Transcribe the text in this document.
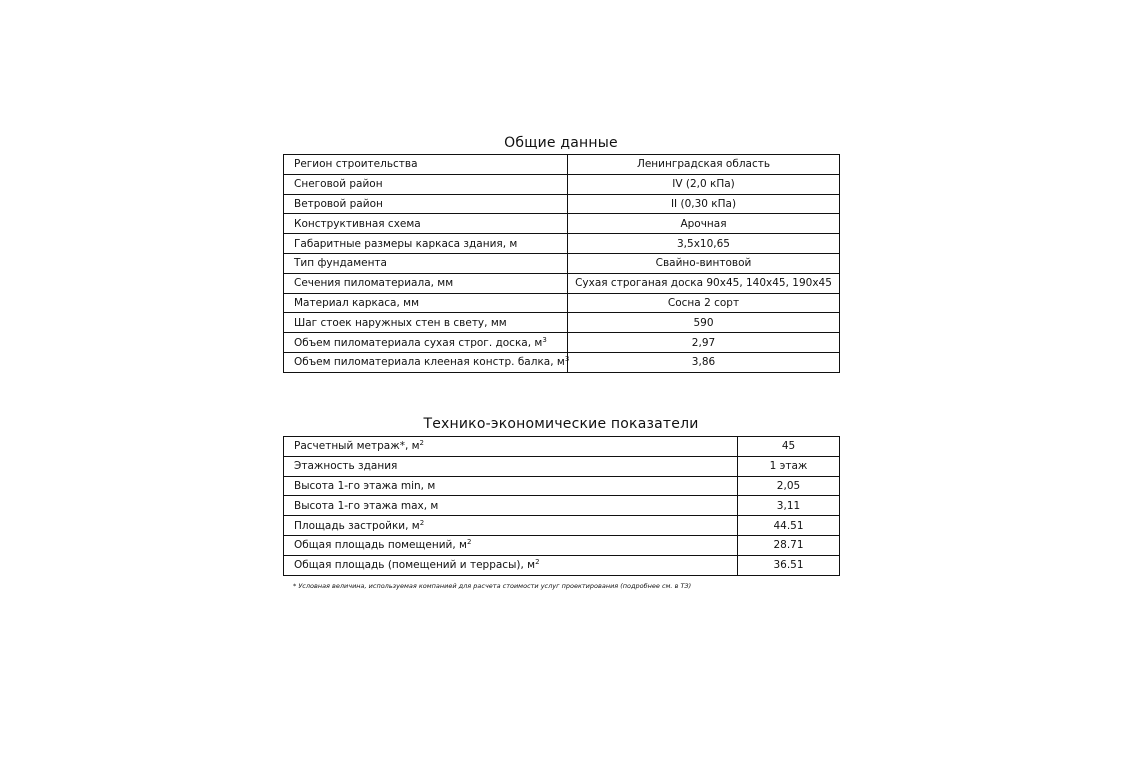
Общие данные
Регион строительства	Ленинградская область
Снеговой район	IV (2,0 кПа)
Ветровой район	II (0,30 кПа)
Конструктивная схема	Арочная
Габаритные размеры каркаса здания, м	3,5x10,65
Тип фундамента	Свайно-винтовой
Сечения пиломатериала, мм	Сухая строганая доска 90x45, 140x45, 190x45
Материал каркаса, мм	Сосна 2 сорт
Шаг стоек наружных стен в свету, мм	590
Объем пиломатериала сухая строг. доска, $м^3$	2,97
Объем пиломатериала клееная констр. балка, $м^3$	3,86
Технико-экономические показатели
Расчетный метраж*, $м^2$	45
Этажность здания	1 этаж
Высота 1-го этажа min, м	2,05
Высота 1-го этажа max, м	3,11
Площадь застройки, $м^2$	44.51
Общая площадь помещений, $м^2$	28.71
Общая площадь (помещений и террасы), $м^2$	36.51
* Условная величина, используемая компанией для расчета стоимости услуг проектирования (подробнее см. в ТЗ)
